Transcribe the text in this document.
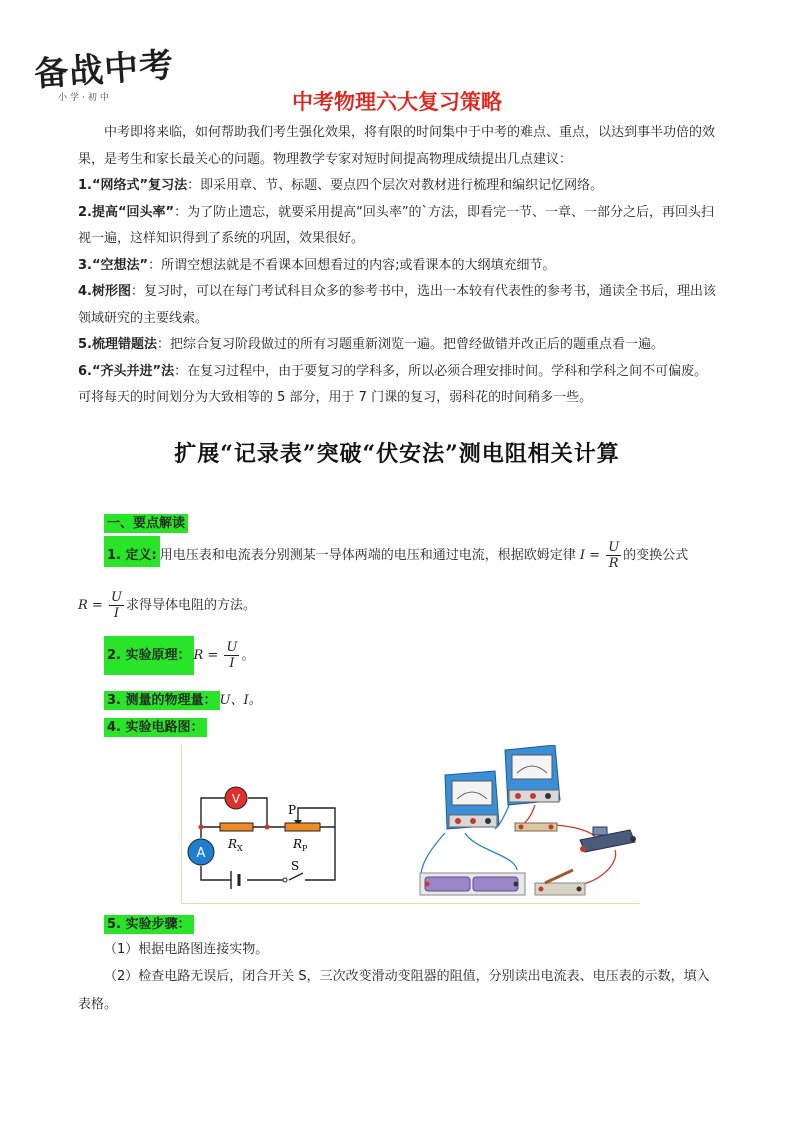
备战中考
小学·初中	中考物理六大复习策略

中考即将来临，如何帮助我们考生强化效果，将有限的时间集中于中考的难点、重点，以达到事半功倍的效果，是考生和家长最关心的问题。物理教学专家对短时间提高物理成绩提出几点建议：

1.“网络式”复习法：即采用章、节、标题、要点四个层次对教材进行梳理和编织记忆网络。

2.提高“回头率”：为了防止遗忘，就要采用提高“回头率”的`方法，即看完一节、一章、一部分之后，再回头扫视一遍，这样知识得到了系统的巩固，效果很好。

3.“空想法”：所谓空想法就是不看课本回想看过的内容;或看课本的大纲填充细节。

4.树形图：复习时，可以在每门考试科目众多的参考书中，选出一本较有代表性的参考书，通读全书后，理出该领域研究的主要线索。

5.梳理错题法：把综合复习阶段做过的所有习题重新浏览一遍。把曾经做错并改正后的题重点看一遍。

6.“齐头并进”法：在复习过程中，由于要复习的学科多，所以必须合理安排时间。学科和学科之间不可偏废。可将每天的时间划分为大致相等的 5 部分，用于 7 门课的复习，弱科花的时间稍多一些。

扩展“记录表”突破“伏安法”测电阻相关计算
一、要点解读
1. 定义: 用电压表和电流表分别测某一导体两端的电压和通过电流，根据欧姆定律 $I = \frac{U}{R}$ 的变换公式
$R = \frac{U}{I}$ 求得导体电阻的方法。
2. 实验原理： $R = \frac{U}{I}$ 。
3. 测量的物理量： U、I。
4. 实验电路图：
V
A
P
R X	R P
S
5. 实验步骤：
（1）根据电路图连接实物。
（2）检查电路无误后，闭合开关 S，三次改变滑动变阻器的阻值，分别读出电流表、电压表的示数，填入表格。
